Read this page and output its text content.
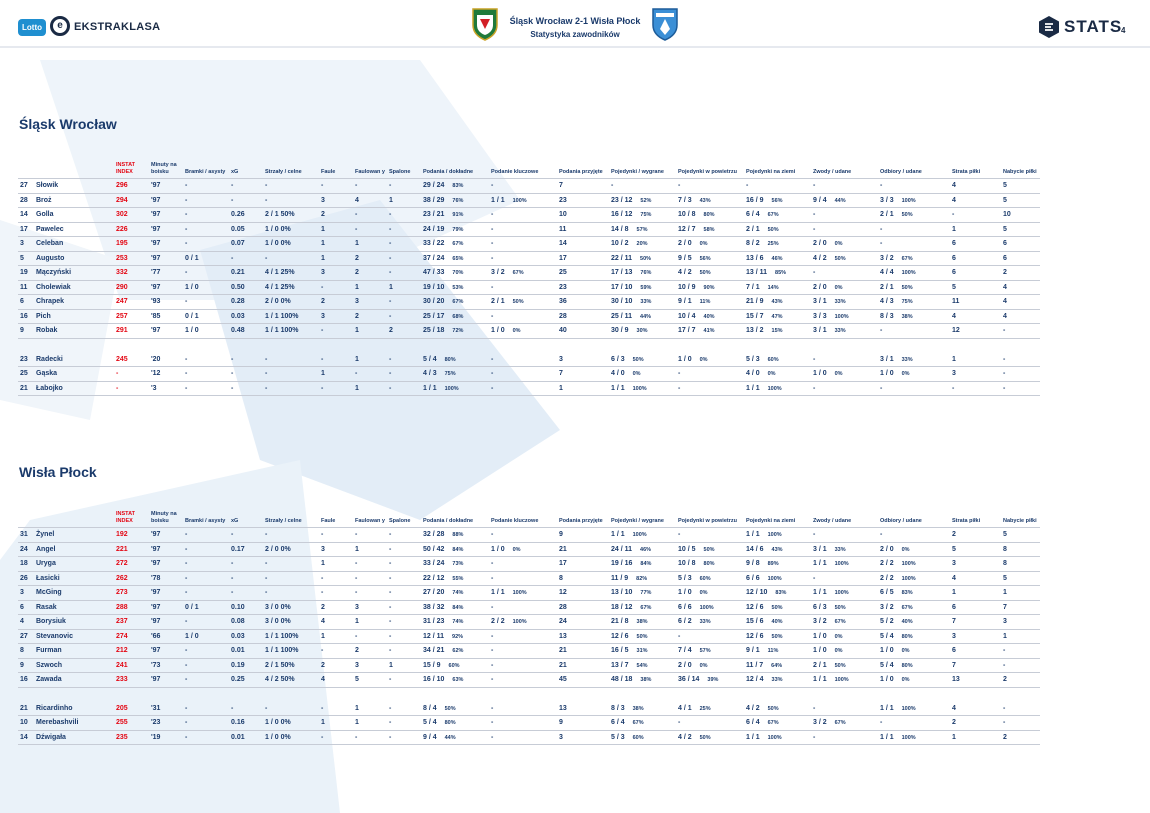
Lotto	e	EKSTRAKLASA	Śląsk Wrocław 2-1 Wisła Płock
Statystyka zawodników	STATS
4
Śląsk Wrocław
		INSTAT INDEX	Minuty na boisku	Bramki / asysty	xG	Strzały / celne	Faule	Faulowan y	Spalone	Podania / dokładne	Podanie kluczowe	Podania przyjęte	Pojedynki / wygrane	Pojedynki w powietrzu	Pojedynki na ziemi	Zwody / udane	Odbiory / udane	Strata piłki	Nabycie piłki
27	Słowik	296	'97	-	-	-	-	-	-	29 / 24 83%	-	7	-	-	-	-	-	4	5
28	Broż	294	'97	-	-	-	3	4	1	38 / 29 76%	1 / 1 100%	23	23 / 12 52%	7 / 3 43%	16 / 9 56%	9 / 4 44%	3 / 3 100%	4	5
14	Golla	302	'97	-	0.26	2 / 1 50%	2	-	-	23 / 21 91%	-	10	16 / 12 75%	10 / 8 80%	6 / 4 67%	-	2 / 1 50%	-	10
17	Pawelec	226	'97	-	0.05	1 / 0 0%	1	-	-	24 / 19 79%	-	11	14 / 8 57%	12 / 7 58%	2 / 1 50%	-	-	1	5
3	Celeban	195	'97	-	0.07	1 / 0 0%	1	1	-	33 / 22 67%	-	14	10 / 2 20%	2 / 0 0%	8 / 2 25%	2 / 0 0%	-	6	6
5	Augusto	253	'97	0 / 1	-	-	1	2	-	37 / 24 65%	-	17	22 / 11 50%	9 / 5 56%	13 / 6 46%	4 / 2 50%	3 / 2 67%	6	6
19	Mączyński	332	'77	-	0.21	4 / 1 25%	3	2	-	47 / 33 70%	3 / 2 67%	25	17 / 13 76%	4 / 2 50%	13 / 11 85%	-	4 / 4 100%	6	2
11	Cholewiak	290	'97	1 / 0	0.50	4 / 1 25%	-	1	1	19 / 10 53%	-	23	17 / 10 59%	10 / 9 90%	7 / 1 14%	2 / 0 0%	2 / 1 50%	5	4
6	Chrapek	247	'93	-	0.28	2 / 0 0%	2	3	-	30 / 20 67%	2 / 1 50%	36	30 / 10 33%	9 / 1 11%	21 / 9 43%	3 / 1 33%	4 / 3 75%	11	4
16	Pich	257	'85	0 / 1	0.03	1 / 1 100%	3	2	-	25 / 17 68%	-	28	25 / 11 44%	10 / 4 40%	15 / 7 47%	3 / 3 100%	8 / 3 38%	4	4
9	Robak	291	'97	1 / 0	0.48	1 / 1 100%	-	1	2	25 / 18 72%	1 / 0 0%	40	30 / 9 30%	17 / 7 41%	13 / 2 15%	3 / 1 33%	-	12	-

23	Radecki	245	'20	-	-	-	-	1	-	5 / 4 80%	-	3	6 / 3 50%	1 / 0 0%	5 / 3 60%	-	3 / 1 33%	1	-
25	Gąska	-	'12	-	-	-	1	-	-	4 / 3 75%	-	7	4 / 0 0%	-	4 / 0 0%	1 / 0 0%	1 / 0 0%	3	-
21	Łabojko	-	'3	-	-	-	-	1	-	1 / 1 100%	-	1	1 / 1 100%	-	1 / 1 100%	-	-	-	-
Wisła Płock
		INSTAT INDEX	Minuty na boisku	Bramki / asysty	xG	Strzały / celne	Faule	Faulowan y	Spalone	Podania / dokładne	Podanie kluczowe	Podania przyjęte	Pojedynki / wygrane	Pojedynki w powietrzu	Pojedynki na ziemi	Zwody / udane	Odbiory / udane	Strata piłki	Nabycie piłki
31	Żynel	192	'97	-	-	-	-	-	-	32 / 28 88%	-	9	1 / 1 100%	-	1 / 1 100%	-	-	2	5
24	Angel	221	'97	-	0.17	2 / 0 0%	3	1	-	50 / 42 84%	1 / 0 0%	21	24 / 11 46%	10 / 5 50%	14 / 6 43%	3 / 1 33%	2 / 0 0%	5	8
18	Uryga	272	'97	-	-	-	1	-	-	33 / 24 73%	-	17	19 / 16 84%	10 / 8 80%	9 / 8 89%	1 / 1 100%	2 / 2 100%	3	8
26	Łasicki	262	'78	-	-	-	-	-	-	22 / 12 55%	-	8	11 / 9 82%	5 / 3 60%	6 / 6 100%	-	2 / 2 100%	4	5
3	McGing	273	'97	-	-	-	-	-	-	27 / 20 74%	1 / 1 100%	12	13 / 10 77%	1 / 0 0%	12 / 10 83%	1 / 1 100%	6 / 5 83%	1	1
6	Rasak	288	'97	0 / 1	0.10	3 / 0 0%	2	3	-	38 / 32 84%	-	28	18 / 12 67%	6 / 6 100%	12 / 6 50%	6 / 3 50%	3 / 2 67%	6	7
4	Borysiuk	237	'97	-	0.08	3 / 0 0%	4	1	-	31 / 23 74%	2 / 2 100%	24	21 / 8 38%	6 / 2 33%	15 / 6 40%	3 / 2 67%	5 / 2 40%	7	3
27	Stevanovic	274	'66	1 / 0	0.03	1 / 1 100%	1	-	-	12 / 11 92%	-	13	12 / 6 50%	-	12 / 6 50%	1 / 0 0%	5 / 4 80%	3	1
8	Furman	212	'97	-	0.01	1 / 1 100%	-	2	-	34 / 21 62%	-	21	16 / 5 31%	7 / 4 57%	9 / 1 11%	1 / 0 0%	1 / 0 0%	6	-
9	Szwoch	241	'73	-	0.19	2 / 1 50%	2	3	1	15 / 9 60%	-	21	13 / 7 54%	2 / 0 0%	11 / 7 64%	2 / 1 50%	5 / 4 80%	7	-
16	Zawada	233	'97	-	0.25	4 / 2 50%	4	5	-	16 / 10 63%	-	45	48 / 18 38%	36 / 14 39%	12 / 4 33%	1 / 1 100%	1 / 0 0%	13	2

21	Ricardinho	205	'31	-	-	-	-	1	-	8 / 4 50%	-	13	8 / 3 38%	4 / 1 25%	4 / 2 50%	-	1 / 1 100%	4	-
10	Merebashvili	255	'23	-	0.16	1 / 0 0%	1	1	-	5 / 4 80%	-	9	6 / 4 67%	-	6 / 4 67%	3 / 2 67%	-	2	-
14	Dźwigała	235	'19	-	0.01	1 / 0 0%	-	-	-	9 / 4 44%	-	3	5 / 3 60%	4 / 2 50%	1 / 1 100%	-	1 / 1 100%	1	2
